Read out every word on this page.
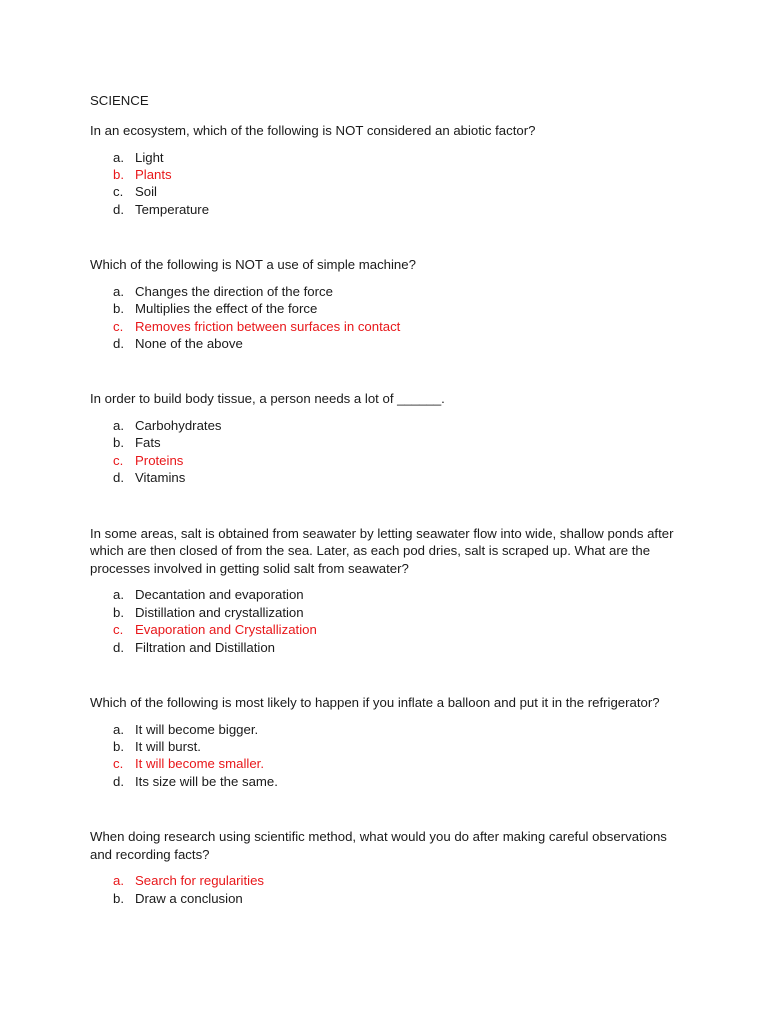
SCIENCE
In an ecosystem, which of the following is NOT considered an abiotic factor?
a. Light
b. Plants
c. Soil
d. Temperature
Which of the following is NOT a use of simple machine?
a. Changes the direction of the force
b. Multiplies the effect of the force
c. Removes friction between surfaces in contact
d. None of the above
In order to build body tissue, a person needs a lot of ______.
a. Carbohydrates
b. Fats
c. Proteins
d. Vitamins
In some areas, salt is obtained from seawater by letting seawater flow into wide, shallow ponds after which are then closed of from the sea. Later, as each pod dries, salt is scraped up. What are the processes involved in getting solid salt from seawater?
a. Decantation and evaporation
b. Distillation and crystallization
c. Evaporation and Crystallization
d. Filtration and Distillation
Which of the following is most likely to happen if you inflate a balloon and put it in the refrigerator?
a. It will become bigger.
b. It will burst.
c. It will become smaller.
d. Its size will be the same.
When doing research using scientific method, what would you do after making careful observations and recording facts?
a. Search for regularities
b. Draw a conclusion
